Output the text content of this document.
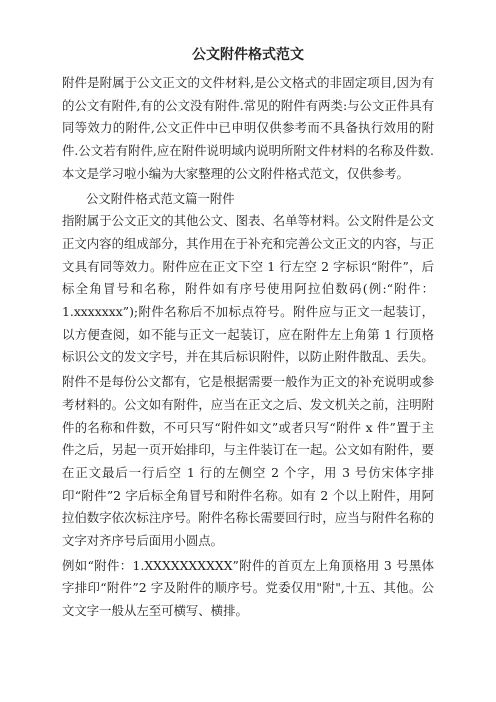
公文附件格式范文

附件是附属于公文正文的文件材料,是公文格式的非固定项目,因为有的公文有附件,有的公文没有附件.常见的附件有两类:与公文正件具有同等效力的附件,公文正件中已申明仅供参考而不具备执行效用的附件.公文若有附件,应在附件说明域内说明所附文件材料的名称及件数.本文是学习啦小编为大家整理的公文附件格式范文，仅供参考。

公文附件格式范文篇一附件

指附属于公文正文的其他公文、图表、名单等材料。公文附件是公文正文内容的组成部分，其作用在于补充和完善公文正文的内容，与正文具有同等效力。附件应在正文下空 1 行左空 2 字标识“附件”，后标全角冒号和名称，附件如有序号使用阿拉伯数码(例:“附件：1.xxxxxxx”);附件名称后不加标点符号。附件应与正文一起装订，以方便查阅，如不能与正文一起装订，应在附件左上角第 1 行顶格标识公文的发文字号，并在其后标识附件，以防止附件散乱、丢失。

附件不是每份公文都有，它是根据需要一般作为正文的补充说明或参考材料的。公文如有附件，应当在正文之后、发文机关之前，注明附件的名称和件数，不可只写“附件如文”或者只写“附件 x 件”置于主件之后，另起一页开始排印，与主件装订在一起。公文如有附件，要在正文最后一行后空 1 行的左侧空 2 个字，用 3 号仿宋体字排印“附件”2 字后标全角冒号和附件名称。如有 2 个以上附件，用阿拉伯数字依次标注序号。附件名称长需要回行时，应当与附件名称的文字对齐序号后面用小圆点。

例如“附件：1.XXXXXXXXXX”附件的首页左上角顶格用 3 号黑体字排印“附件”2 字及附件的顺序号。党委仅用"附",十五、其他。公文文字一般从左至可横写、横排。
